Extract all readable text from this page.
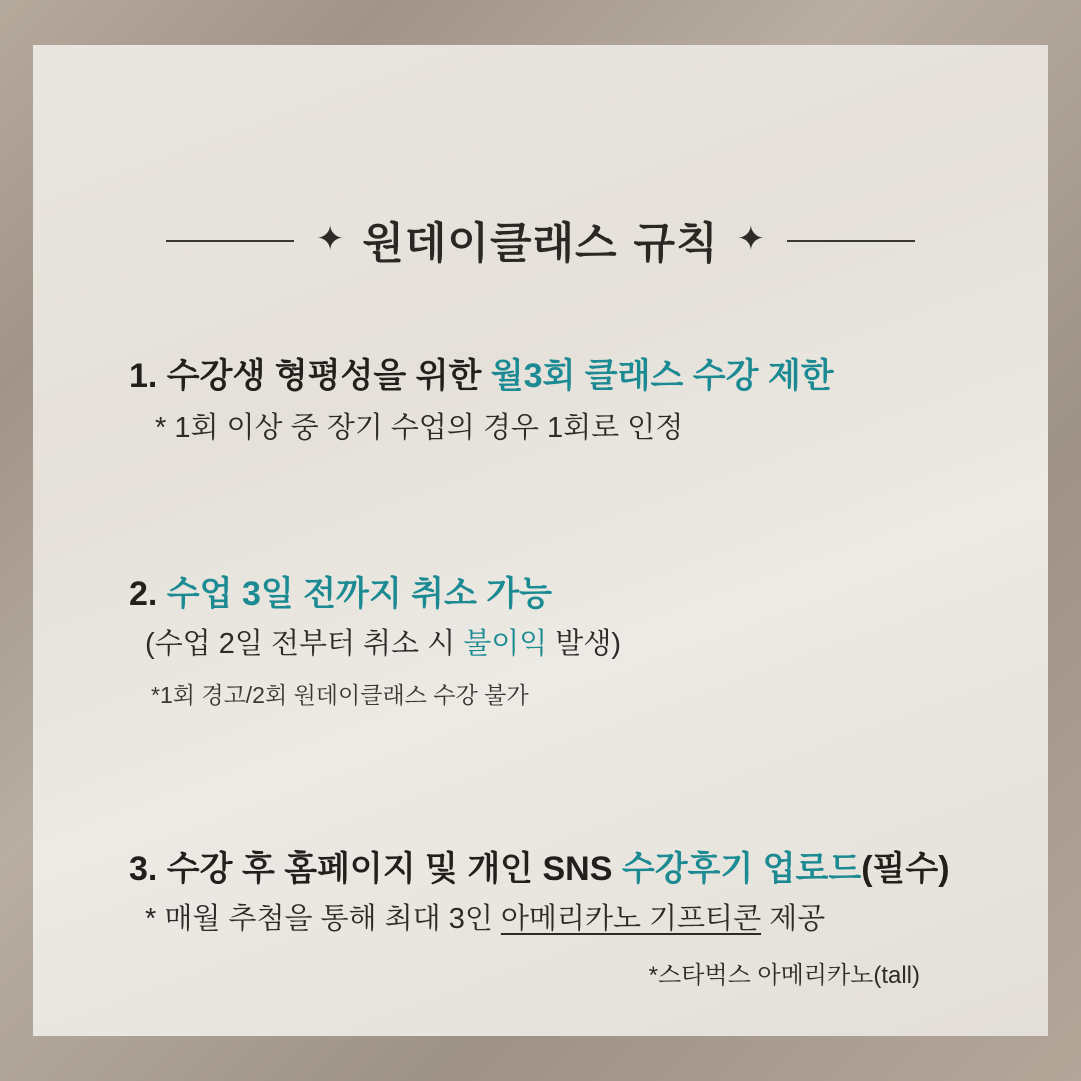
✦ 원데이클래스 규칙 ✦
1. 수강생 형평성을 위한 월3회 클래스 수강 제한
* 1회 이상 중 장기 수업의 경우 1회로 인정
2. 수업 3일 전까지 취소 가능
(수업 2일 전부터 취소 시 불이익 발생)
*1회 경고/2회 원데이클래스 수강 불가
3. 수강 후 홈페이지 및 개인 SNS 수강후기 업로드(필수)
* 매월 추첨을 통해 최대 3인 아메리카노 기프티콘 제공
*스타벅스 아메리카노(tall)
